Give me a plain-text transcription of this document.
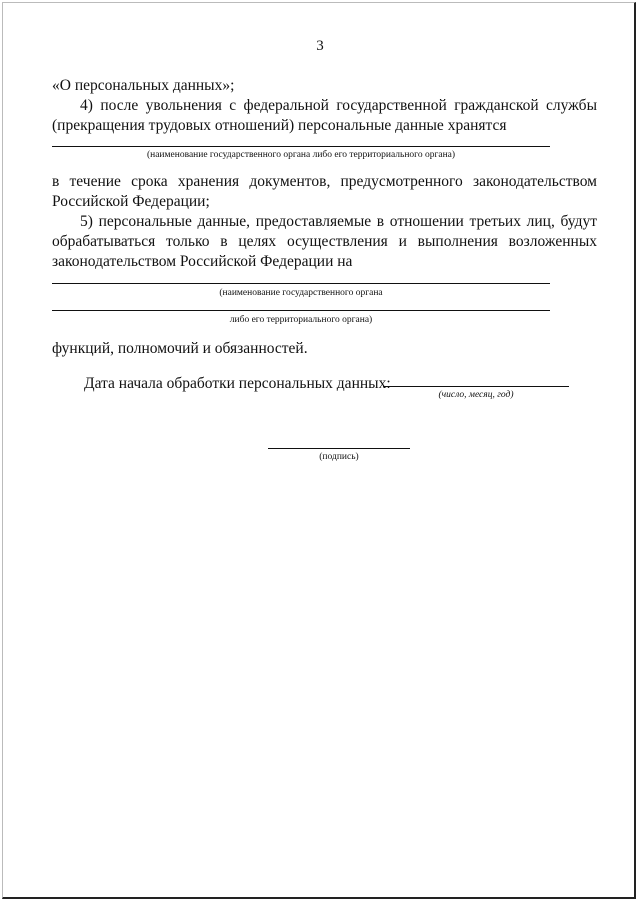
3
«О персональных данных»;
4) после увольнения с федеральной государственной гражданской службы
(прекращения трудовых отношений) персональные данные хранятся
(наименование государственного органа либо его территориального органа)
в течение срока хранения документов, предусмотренного законодательством
Российской Федерации;
5) персональные данные, предоставляемые в отношении третьих лиц, будут
обрабатываться только в целях осуществления и выполнения возложенных
законодательством Российской Федерации на
(наименование государственного органа
либо его территориального органа)
функций, полномочий и обязанностей.
Дата начала обработки персональных данных:
(число, месяц, год)
(подпись)
